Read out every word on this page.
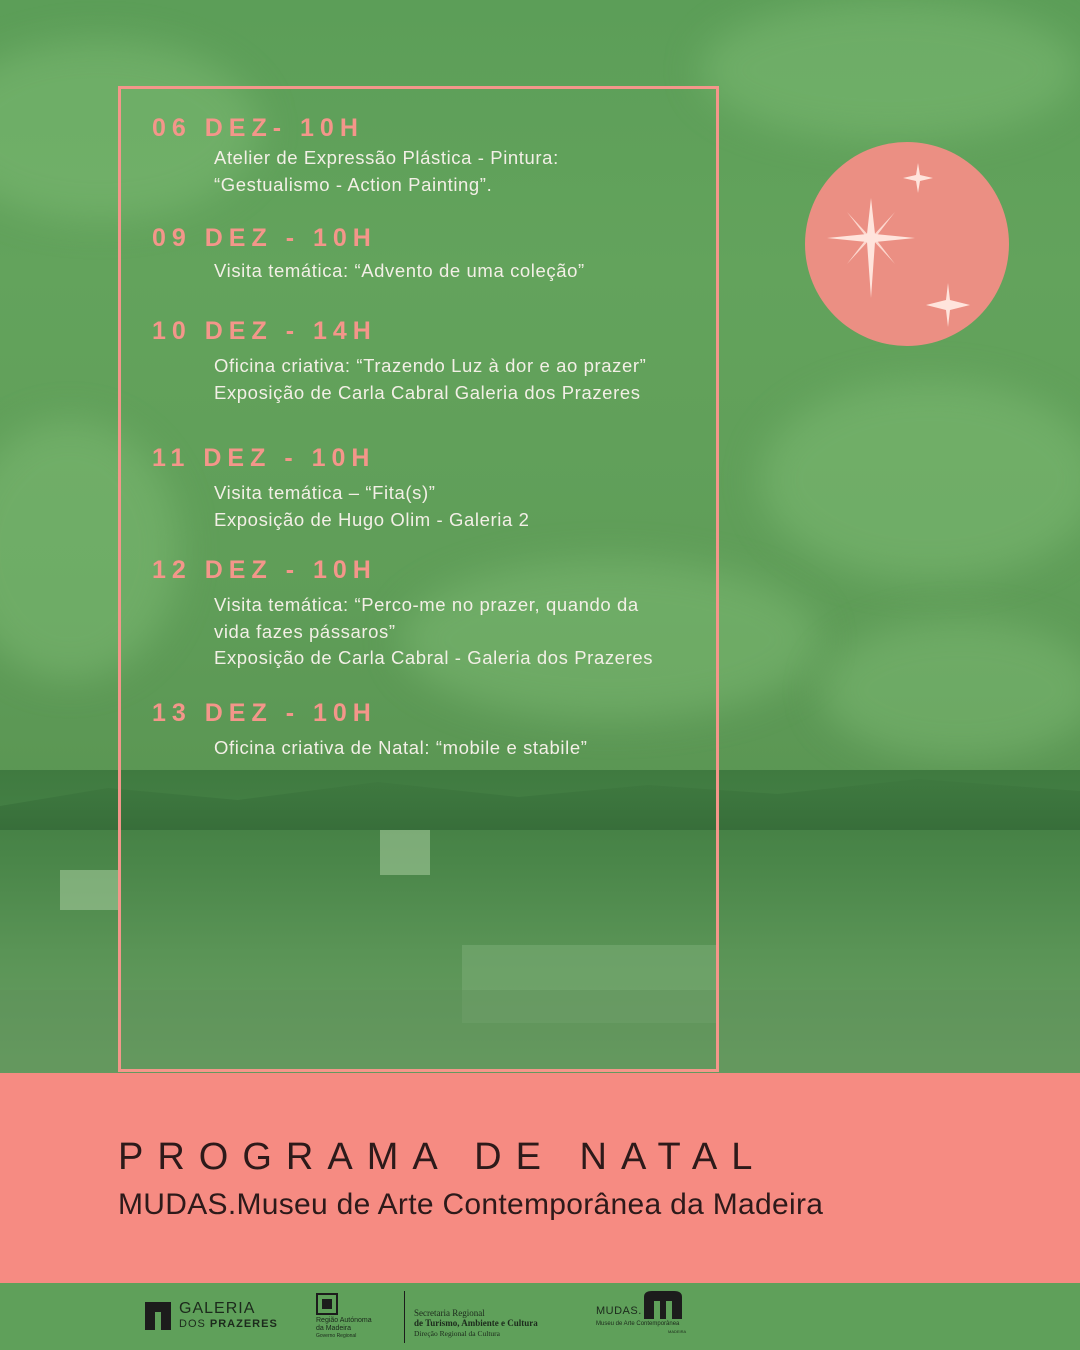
06 DEZ- 10H
Atelier de Expressão Plástica - Pintura:
“Gestualismo - Action Painting”.
09 DEZ - 10H
Visita temática: “Advento de uma coleção”
10 DEZ - 14H
Oficina criativa: “Trazendo Luz à dor e ao prazer”
Exposição de Carla Cabral Galeria dos Prazeres
11 DEZ - 10H
Visita temática – “Fita(s)”
Exposição de Hugo Olim - Galeria 2
12 DEZ - 10H
Visita temática: “Perco-me no prazer, quando da
vida fazes pássaros”
Exposição de Carla Cabral - Galeria dos Prazeres
13 DEZ - 10H
Oficina criativa de Natal: “mobile e stabile”
PROGRAMA DE NATAL
MUDAS.Museu de Arte Contemporânea da Madeira
GALERIA
DOS PRAZERES	Região Autónoma
da Madeira
Governo Regional
Secretaria Regional
de Turismo, Ambiente e Cultura
Direção Regional da Cultura
MUDAS.
Museu de Arte Contemporânea
MADEIRA
